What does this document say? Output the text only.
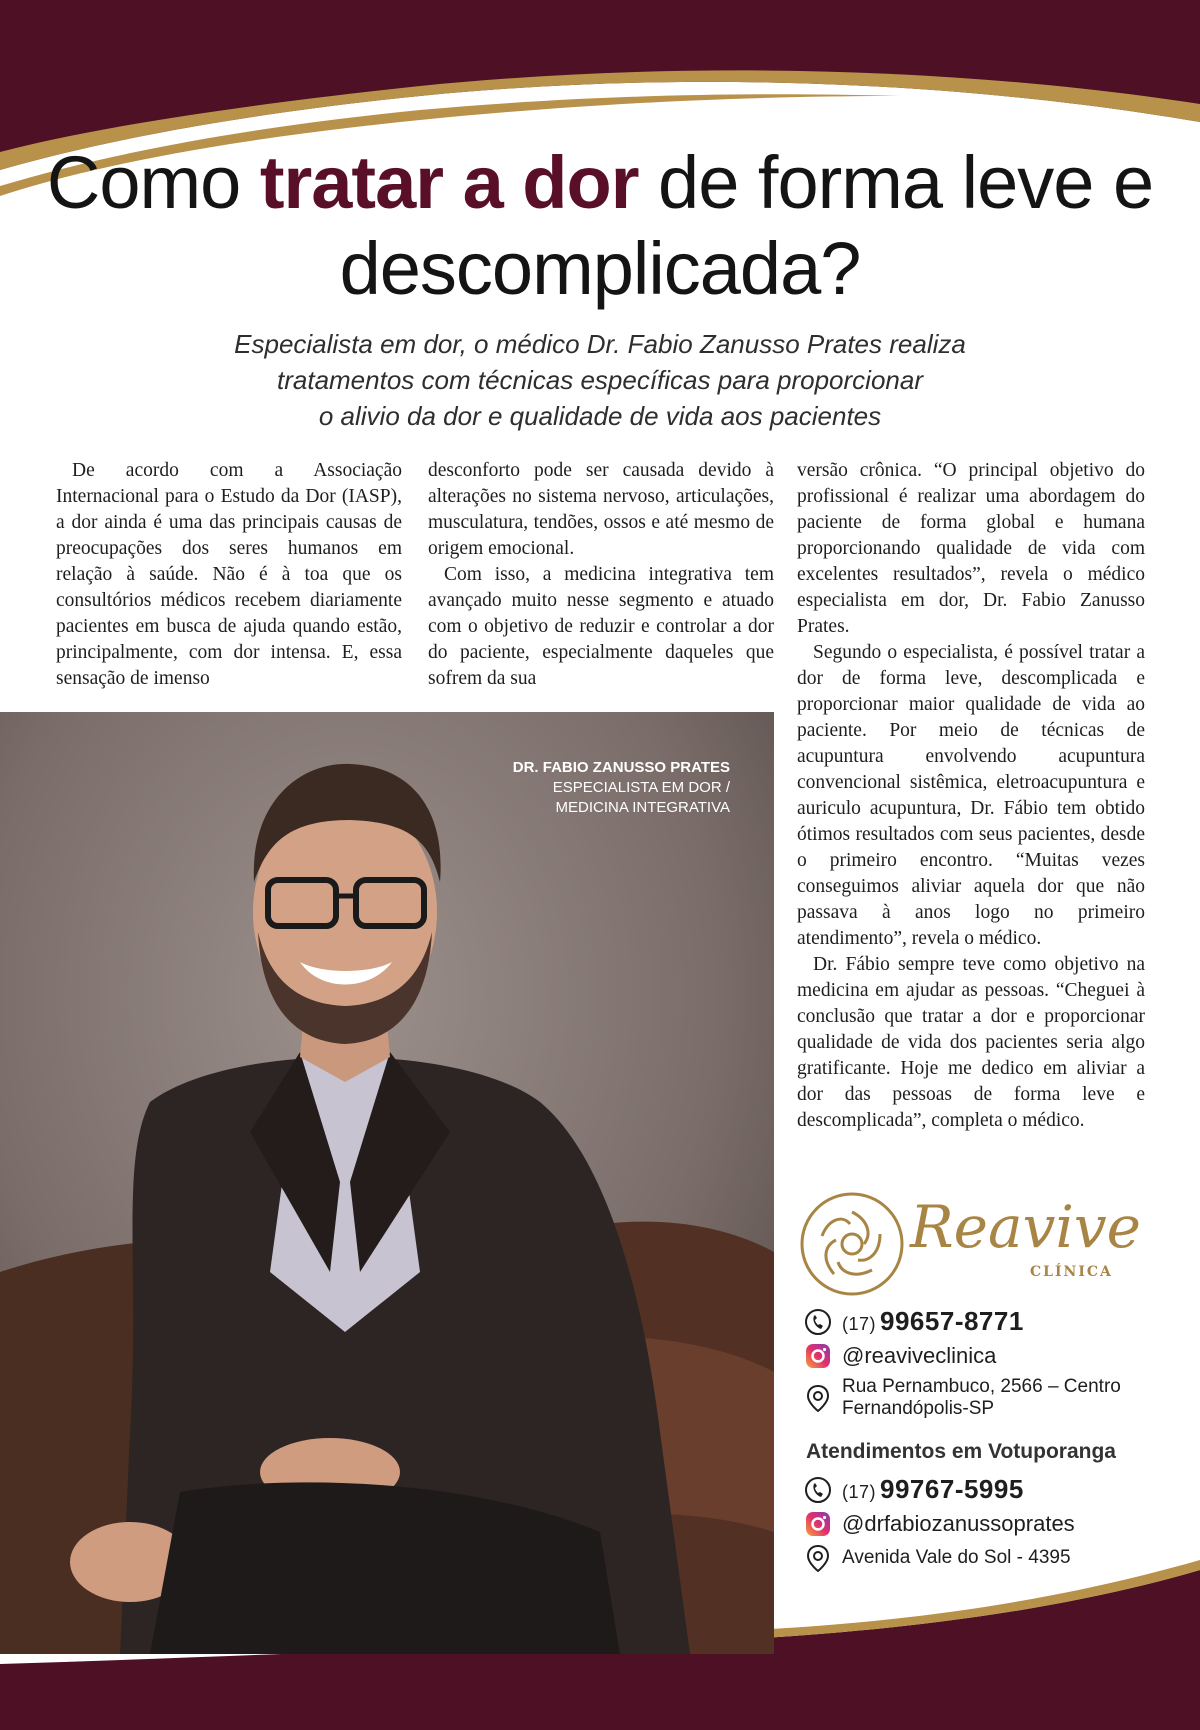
Como tratar a dor de forma leve e descomplicada?
Especialista em dor, o médico Dr. Fabio Zanusso Prates realiza
tratamentos com técnicas específicas para proporcionar
o alivio da dor e qualidade de vida aos pacientes

De acordo com a Associação Internacional para o Estudo da Dor (IASP), a dor ainda é uma das principais causas de preocupações dos seres humanos em relação à saúde. Não é à toa que os consultórios médicos recebem diariamente pacientes em busca de ajuda quando estão, principalmente, com dor intensa. E, essa sensação de imenso

desconforto pode ser causada devido à alterações no sistema nervoso, articulações, musculatura, tendões, ossos e até mesmo de origem emocional.

Com isso, a medicina integrativa tem avançado muito nesse segmento e atuado com o objetivo de reduzir e controlar a dor do paciente, especialmente daqueles que sofrem da sua

versão crônica. “O principal objetivo do profissional é realizar uma abordagem do paciente de forma global e humana proporcionando qualidade de vida com excelentes resultados”, revela o médico especialista em dor, Dr. Fabio Zanusso Prates.

Segundo o especialista, é possível tratar a dor de forma leve, descomplicada e proporcionar maior qualidade de vida ao paciente. Por meio de técnicas de acupuntura envolvendo acupuntura convencional sistêmica, eletroacupuntura e auriculo acupuntura, Dr. Fábio tem obtido ótimos resultados com seus pacientes, desde o primeiro encontro. “Muitas vezes conseguimos aliviar aquela dor que não passava à anos logo no primeiro atendimento”, revela o médico.

Dr. Fábio sempre teve como objetivo na medicina em ajudar as pessoas. “Cheguei à conclusão que tratar a dor e proporcionar qualidade de vida dos pacientes seria algo gratificante. Hoje me dedico em aliviar a dor das pessoas de forma leve e descomplicada”, completa o médico.

DR. FABIO ZANUSSO PRATES
ESPECIALISTA EM DOR /
MEDICINA INTEGRATIVA
Reavive
CLÍNICA
(17) 99657-8771
@reaviveclinica
Rua Pernambuco, 2566 – Centro
Fernandópolis-SP
Atendimentos em Votuporanga
(17) 99767-5995
@drfabiozanussoprates
Avenida Vale do Sol - 4395
